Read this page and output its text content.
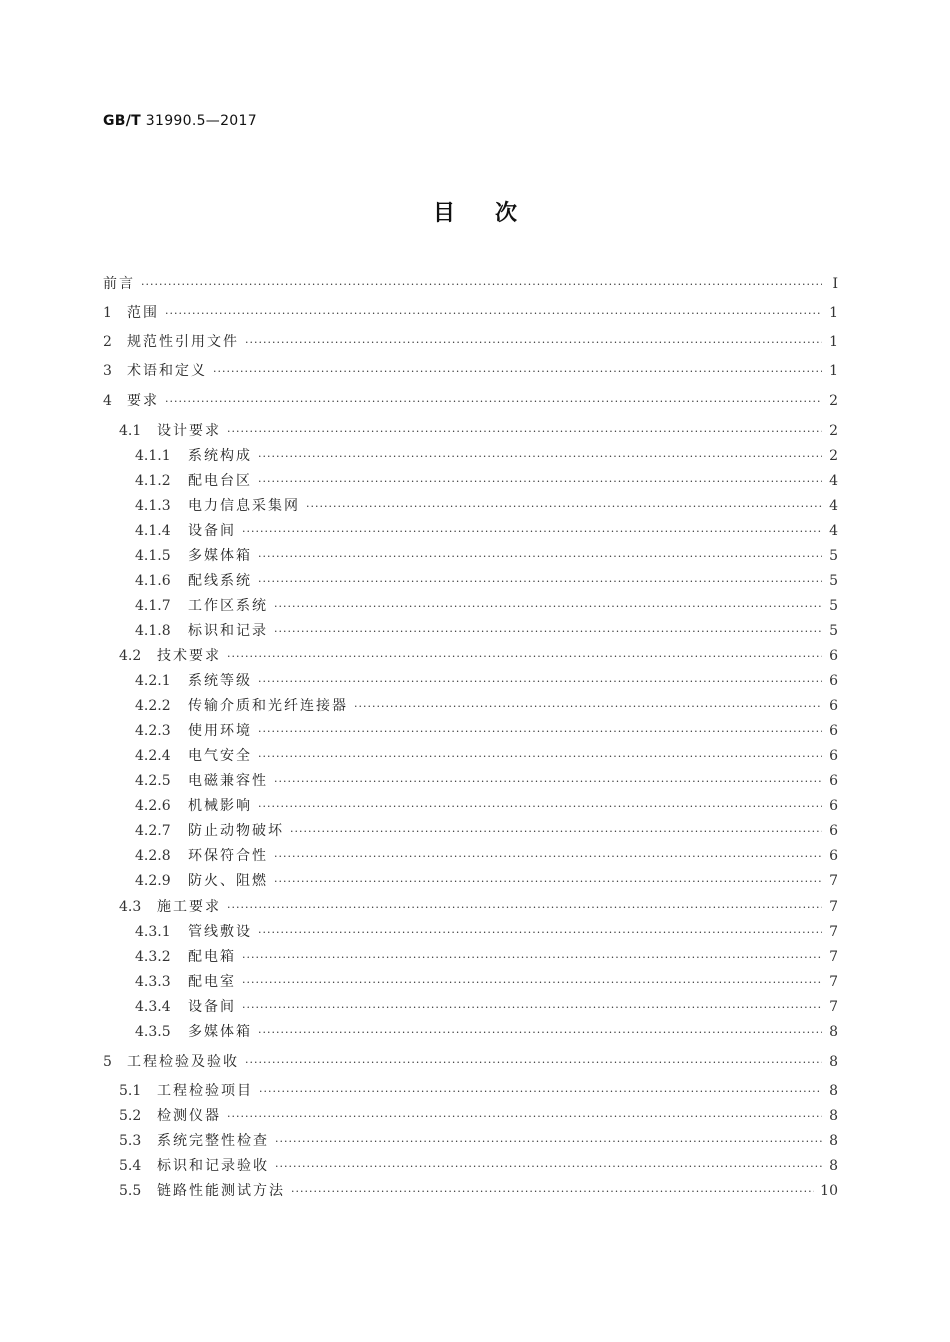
GB/T 31990.5—2017
目次
前言 ·····	I
1	范围 ·····	1
2	规范性引用文件 ·····	1
3	术语和定义 ·····	1
4	要求 ·····	2
4.1	设计要求 ·····	2
4.1.1	系统构成 ·····	2
4.1.2	配电台区 ·····	4
4.1.3	电力信息采集网 ·····	4
4.1.4	设备间 ·····	4
4.1.5	多媒体箱 ·····	5
4.1.6	配线系统 ·····	5
4.1.7	工作区系统 ·····	5
4.1.8	标识和记录 ·····	5
4.2	技术要求 ·····	6
4.2.1	系统等级 ·····	6
4.2.2	传输介质和光纤连接器 ·····	6
4.2.3	使用环境 ·····	6
4.2.4	电气安全 ·····	6
4.2.5	电磁兼容性 ·····	6
4.2.6	机械影响 ·····	6
4.2.7	防止动物破坏 ·····	6
4.2.8	环保符合性 ·····	6
4.2.9	防火、阻燃 ·····	7
4.3	施工要求 ·····	7
4.3.1	管线敷设 ·····	7
4.3.2	配电箱 ·····	7
4.3.3	配电室 ·····	7
4.3.4	设备间 ·····	7
4.3.5	多媒体箱 ·····	8
5	工程检验及验收 ·····	8
5.1	工程检验项目 ·····	8
5.2	检测仪器 ·····	8
5.3	系统完整性检查 ·····	8
5.4	标识和记录验收 ·····	8
5.5	链路性能测试方法 ·····	10
